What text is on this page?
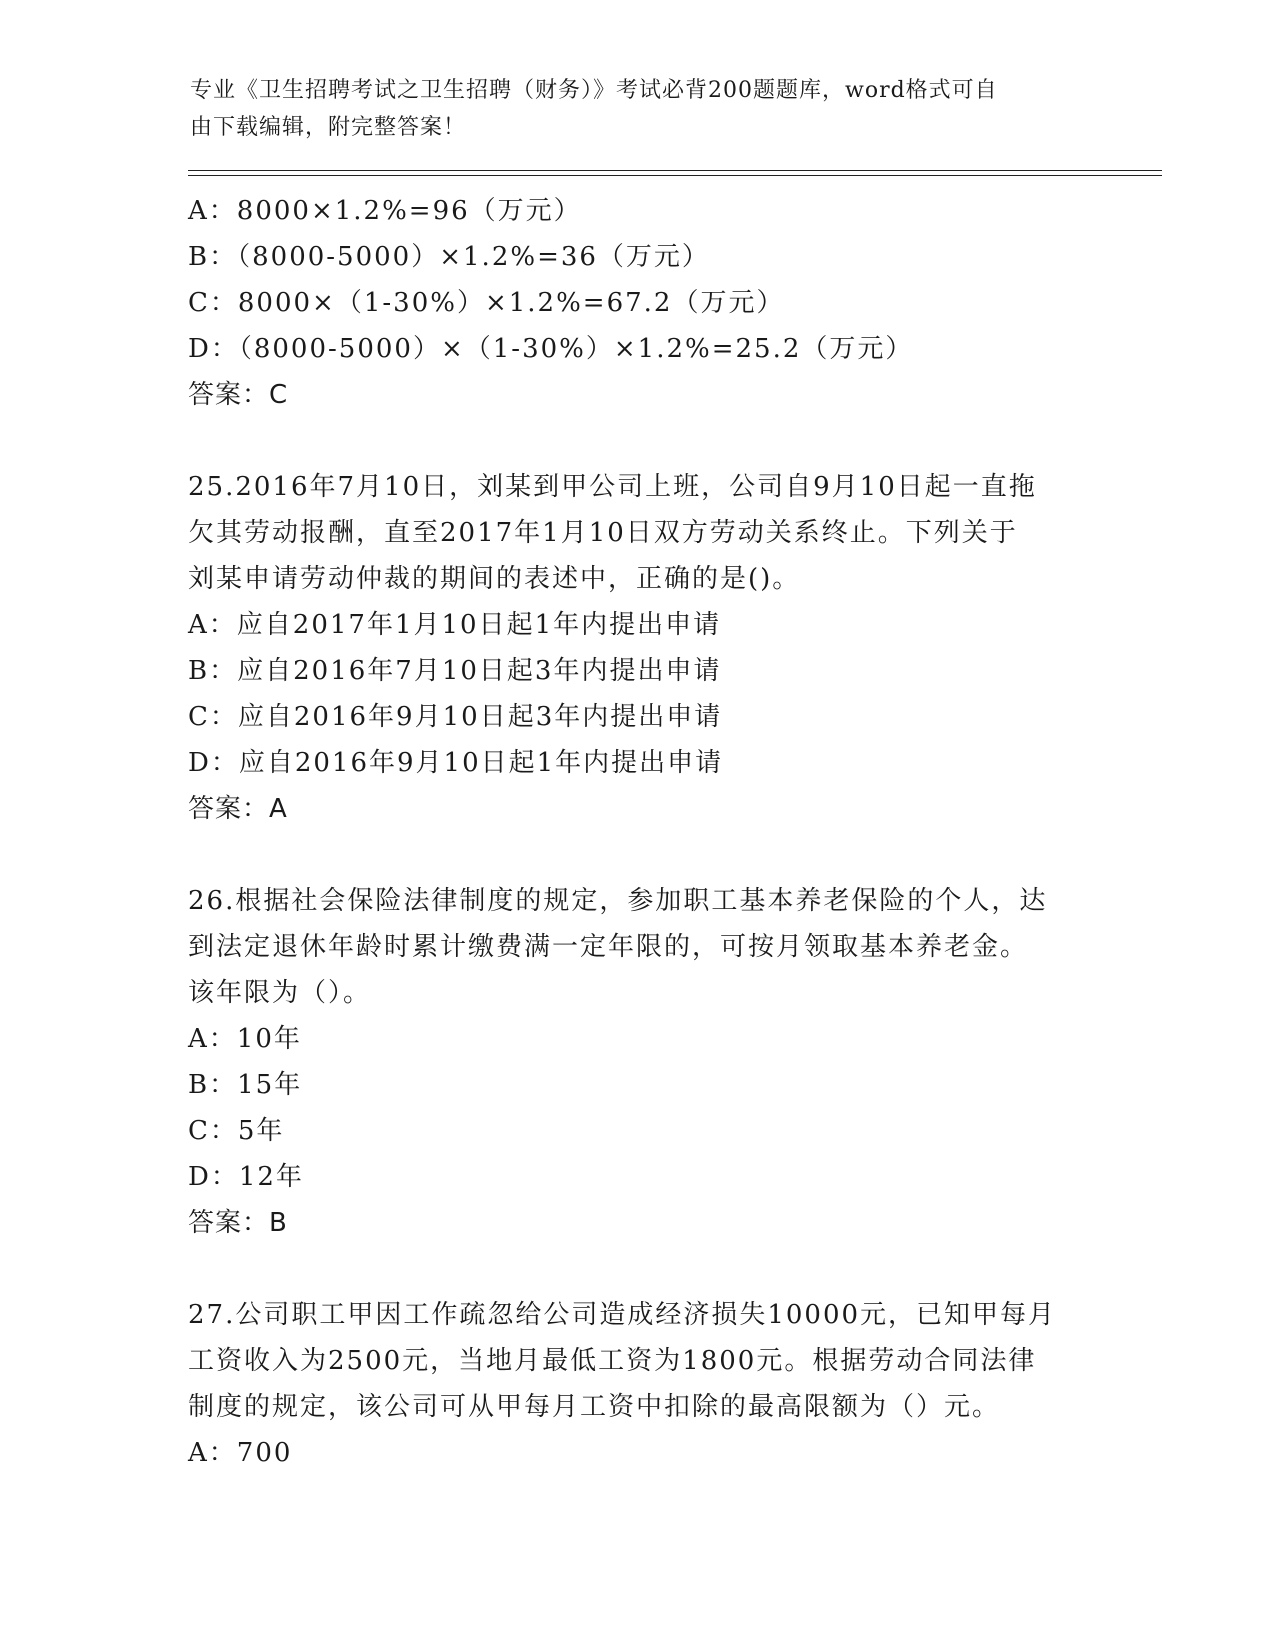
专业《卫生招聘考试之卫生招聘（财务）》考试必背200题题库，word格式可自
由下载编辑，附完整答案！
A：8000×1.2%=96（万元）
B：（8000-5000）×1.2%=36（万元）
C：8000×（1-30%）×1.2%=67.2（万元）
D：（8000-5000）×（1-30%）×1.2%=25.2（万元）
答案：C
25.2016年7月10日，刘某到甲公司上班，公司自9月10日起一直拖
欠其劳动报酬，直至2017年1月10日双方劳动关系终止。下列关于
刘某申请劳动仲裁的期间的表述中，正确的是()。
A：应自2017年1月10日起1年内提出申请
B：应自2016年7月10日起3年内提出申请
C：应自2016年9月10日起3年内提出申请
D：应自2016年9月10日起1年内提出申请
答案：A
26.根据社会保险法律制度的规定，参加职工基本养老保险的个人，达
到法定退休年龄时累计缴费满一定年限的，可按月领取基本养老金。
该年限为（）。
A：10年
B：15年
C：5年
D：12年
答案：B
27.公司职工甲因工作疏忽给公司造成经济损失10000元，已知甲每月
工资收入为2500元，当地月最低工资为1800元。根据劳动合同法律
制度的规定，该公司可从甲每月工资中扣除的最高限额为（）元。
A：700
